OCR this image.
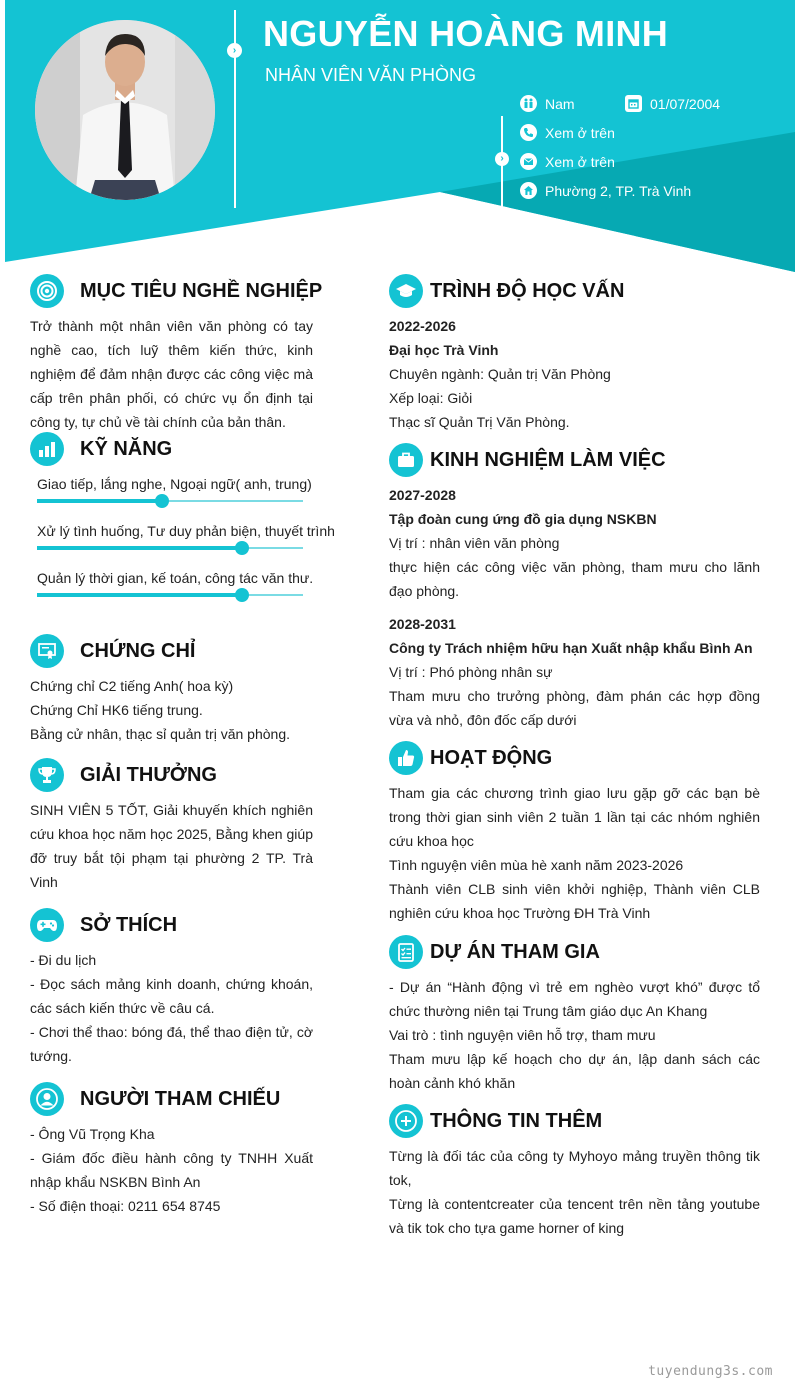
› NGUYỄN HOÀNG MINH
NHÂN VIÊN VĂN PHÒNG
›
Nam	01/07/2004
Xem ở trên
Xem ở trên
Phường 2, TP. Trà Vinh
MỤC TIÊU NGHỀ NGHIỆP
Trở thành một nhân viên văn phòng có tay nghề cao, tích luỹ thêm kiến thức, kinh nghiệm để đảm nhận được các công việc mà cấp trên phân phối, có chức vụ ổn định tại công ty, tự chủ về tài chính của bản thân.
KỸ NĂNG
Giao tiếp, lắng nghe, Ngoại ngữ( anh, trung)
Xử lý tình huống, Tư duy phản biện, thuyết trình
Quản lý thời gian, kế toán, công tác văn thư.
CHỨNG CHỈ
Chứng chỉ C2 tiếng Anh( hoa kỳ)
Chứng Chỉ HK6 tiếng trung.
Bằng cử nhân, thạc sỉ quản trị văn phòng.
GIẢI THƯỞNG
SINH VIÊN 5 TỐT, Giải khuyến khích nghiên cứu khoa học năm học 2025, Bằng khen giúp đỡ truy bắt tội phạm tại phường 2 TP. Trà Vinh
SỞ THÍCH
- Đi du lịch
- Đọc sách mảng kinh doanh, chứng khoán, các sách kiến thức về câu cá.
- Chơi thể thao: bóng đá, thể thao điện tử, cờ tướng.
NGƯỜI THAM CHIẾU
- Ông Vũ Trọng Kha
- Giám đốc điều hành công ty TNHH Xuất nhập khẩu NSKBN Bình An
- Số điện thoại: 0211 654 8745
TRÌNH ĐỘ HỌC VẤN
2022-2026
Đại học Trà Vinh
Chuyên ngành: Quản trị Văn Phòng
Xếp loại: Giỏi
Thạc sĩ Quản Trị Văn Phòng.
KINH NGHIỆM LÀM VIỆC
2027-2028
Tập đoàn cung ứng đồ gia dụng NSKBN
Vị trí : nhân viên văn phòng
thực hiện các công việc văn phòng, tham mưu cho lãnh đạo phòng.
2028-2031
Công ty Trách nhiệm hữu hạn Xuất nhập khẩu Bình An
Vị trí : Phó phòng nhân sự
Tham mưu cho trưởng phòng, đàm phán các hợp đồng vừa và nhỏ, đôn đốc cấp dưới
HOẠT ĐỘNG
Tham gia các chương trình giao lưu gặp gỡ các bạn bè trong thời gian sinh viên 2 tuần 1 lần tại các nhóm nghiên cứu khoa học
Tình nguyện viên mùa hè xanh năm 2023-2026
Thành viên CLB sinh viên khởi nghiệp, Thành viên CLB nghiên cứu khoa học Trường ĐH Trà Vinh
DỰ ÁN THAM GIA
- Dự án “Hành động vì trẻ em nghèo vượt khó” được tổ chức thường niên tại Trung tâm giáo dục An Khang
Vai trò : tình nguyện viên hỗ trợ, tham mưu
Tham mưu lập kế hoạch cho dự án, lập danh sách các hoàn cảnh khó khăn
THÔNG TIN THÊM
Từng là đối tác của công ty Myhoyo mảng truyền thông tik tok,
Từng là contentcreater của tencent trên nền tảng youtube và tik tok cho tựa game horner of king
tuyendung3s.com
